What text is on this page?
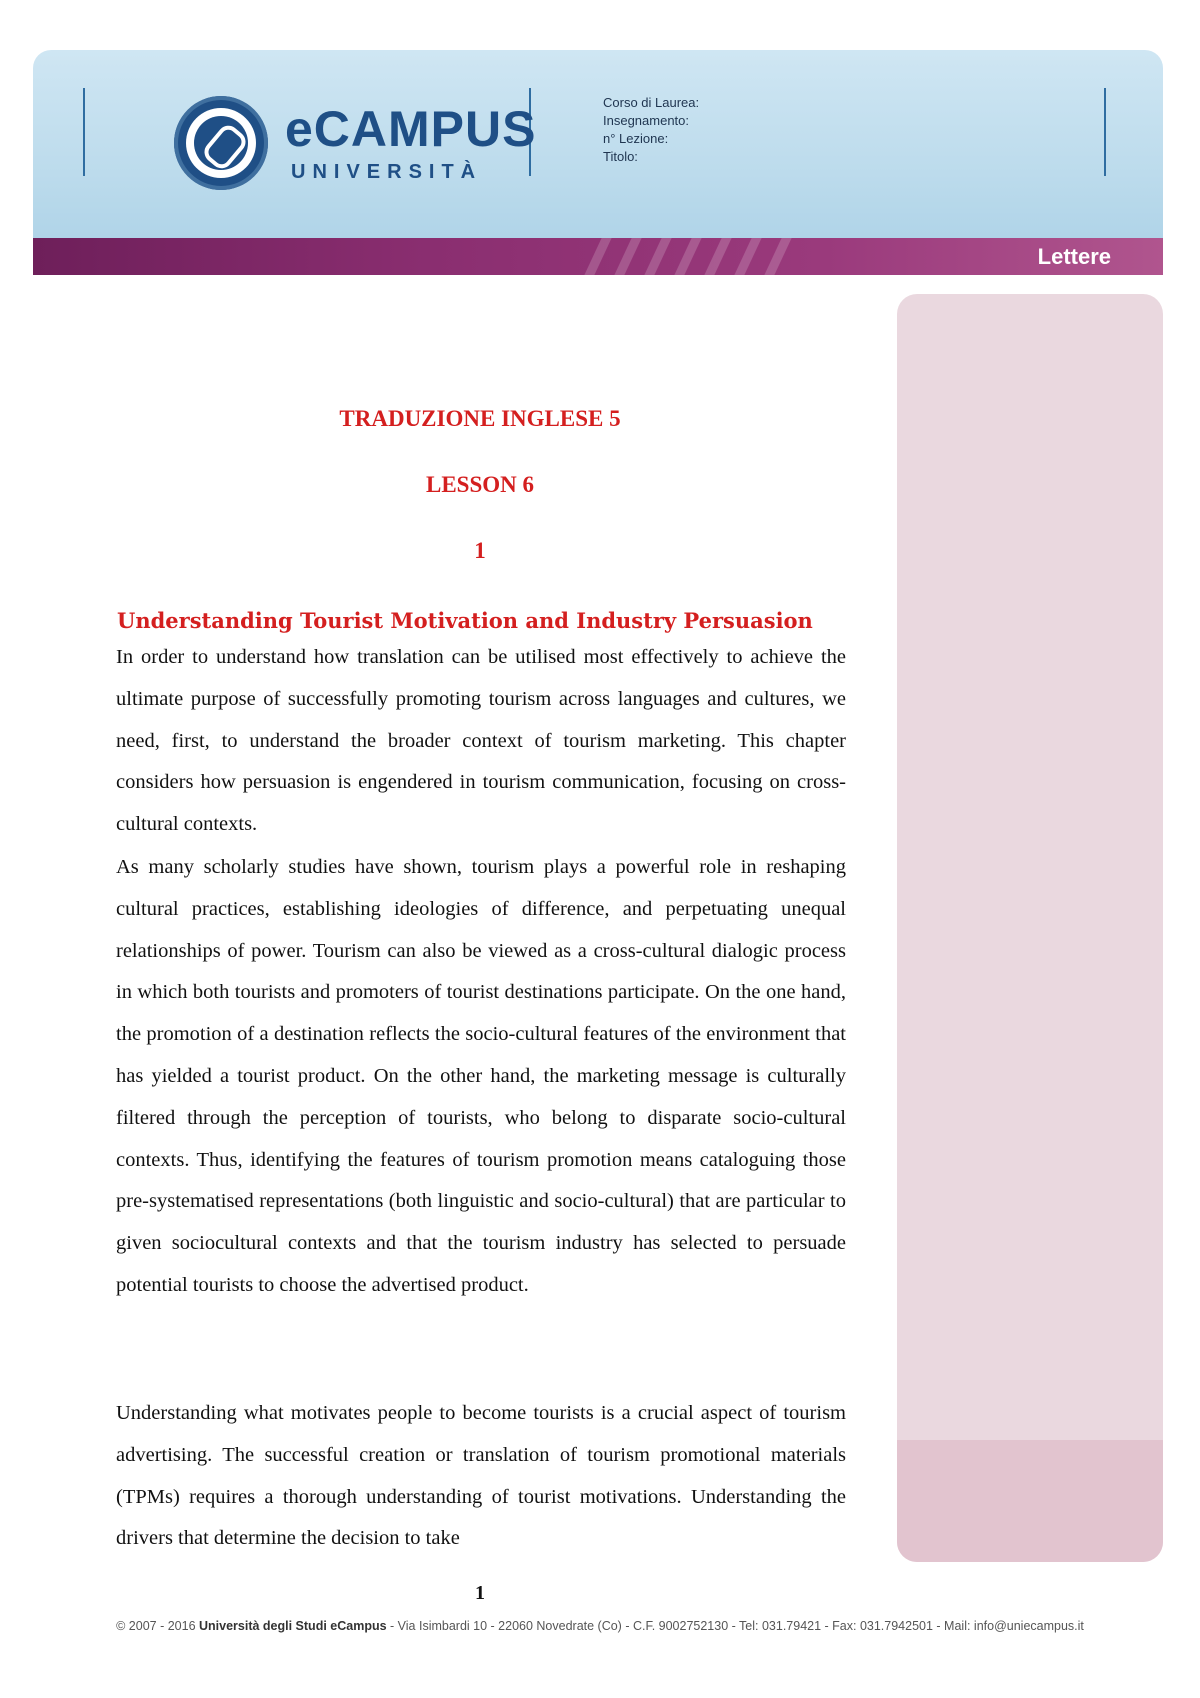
eCAMPUS
UNIVERSITÀ
Corso di Laurea:
Insegnamento:
n° Lezione:
Titolo:
Lettere
TRADUZIONE INGLESE 5
LESSON 6
1
Understanding Tourist Motivation and Industry Persuasion

In order to understand how translation can be utilised most effectively to achieve the ultimate purpose of successfully promoting tourism across languages and cultures, we need, first, to understand the broader context of tourism marketing. This chapter considers how persuasion is engendered in tourism communication, focusing on cross-cultural contexts.

As many scholarly studies have shown, tourism plays a powerful role in reshaping cultural practices, establishing ideologies of difference, and perpetuating unequal relationships of power. Tourism can also be viewed as a cross-cultural dialogic process in which both tourists and promoters of tourist destinations participate. On the one hand, the promotion of a destination reflects the socio-cultural features of the environment that has yielded a tourist product. On the other hand, the marketing message is culturally filtered through the perception of tourists, who belong to disparate socio-cultural contexts. Thus, identifying the features of tourism promotion means cataloguing those pre-systematised representations (both linguistic and socio-cultural) that are particular to given sociocultural contexts and that the tourism industry has selected to persuade potential tourists to choose the advertised product.

Understanding what motivates people to become tourists is a crucial aspect of tourism advertising. The successful creation or translation of tourism promotional materials (TPMs) requires a thorough understanding of tourist motivations. Understanding the drivers that determine the decision to take

1
© 2007 - 2016 Università degli Studi eCampus - Via Isimbardi 10 - 22060 Novedrate (Co) - C.F. 9002752130 - Tel: 031.79421 - Fax: 031.7942501 - Mail: info@uniecampus.it
